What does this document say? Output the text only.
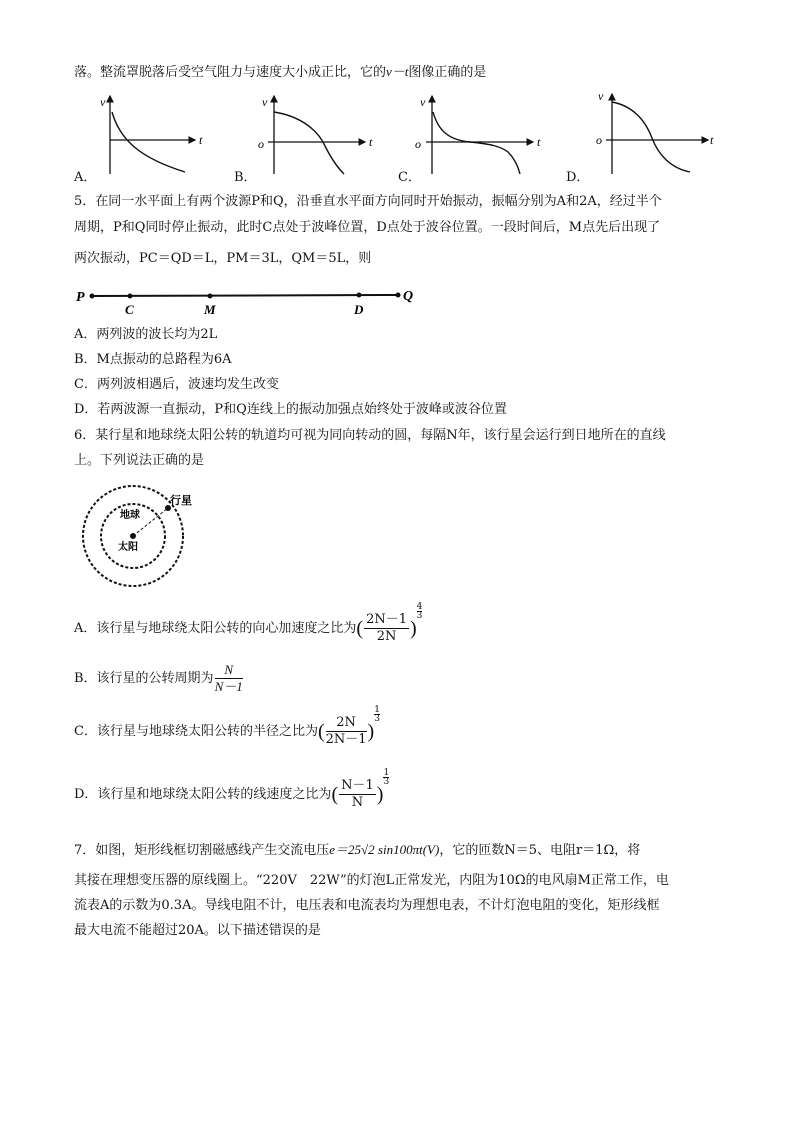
落。整流罩脱落后受空气阻力与速度大小成正比，它的v－t图像正确的是
v
t
v
o	t
v
o	t
v
o	t
A．	B．	C．	D．
5．在同一水平面上有两个波源P和Q，沿垂直水平面方向同时开始振动，振幅分别为A和2A，经过半个
周期，P和Q同时停止振动，此时C点处于波峰位置，D点处于波谷位置。一段时间后，M点先后出现了
两次振动，PC＝QD＝L，PM＝3L，QM＝5L，则
P
C	M	D
Q
A．两列波的波长均为2L
B．M点振动的总路程为6A
C．两列波相遇后，波速均发生改变
D．若两波源一直振动，P和Q连线上的振动加强点始终处于波峰或波谷位置
6．某行星和地球绕太阳公转的轨道均可视为同向转动的圆，每隔N年，该行星会运行到日地所在的直线
上。下列说法正确的是
行星
地球
太阳
A．该行星与地球绕太阳公转的向心加速度之比为( $\frac{2N-1}{2N}$ )
$\frac{4}{3}$
B．该行星的公转周期为 $\frac{N}{N-1}$
C．该行星与地球绕太阳公转的半径之比为( $\frac{2N}{2N-1}$ )
$\frac{1}{3}$
D．该行星和地球绕太阳公转的线速度之比为( $\frac{N-1}{N}$ )
$\frac{1}{3}$
7．如图，矩形线框切割磁感线产生交流电压e＝25√2 sin100πt(V)，它的匝数N＝5、电阻r＝1Ω，将
其接在理想变压器的原线圈上。“220V　22W”的灯泡L正常发光，内阻为10Ω的电风扇M正常工作，电
流表A的示数为0.3A。导线电阻不计，电压表和电流表均为理想电表，不计灯泡电阻的变化，矩形线框
最大电流不能超过20A。以下描述错误的是
